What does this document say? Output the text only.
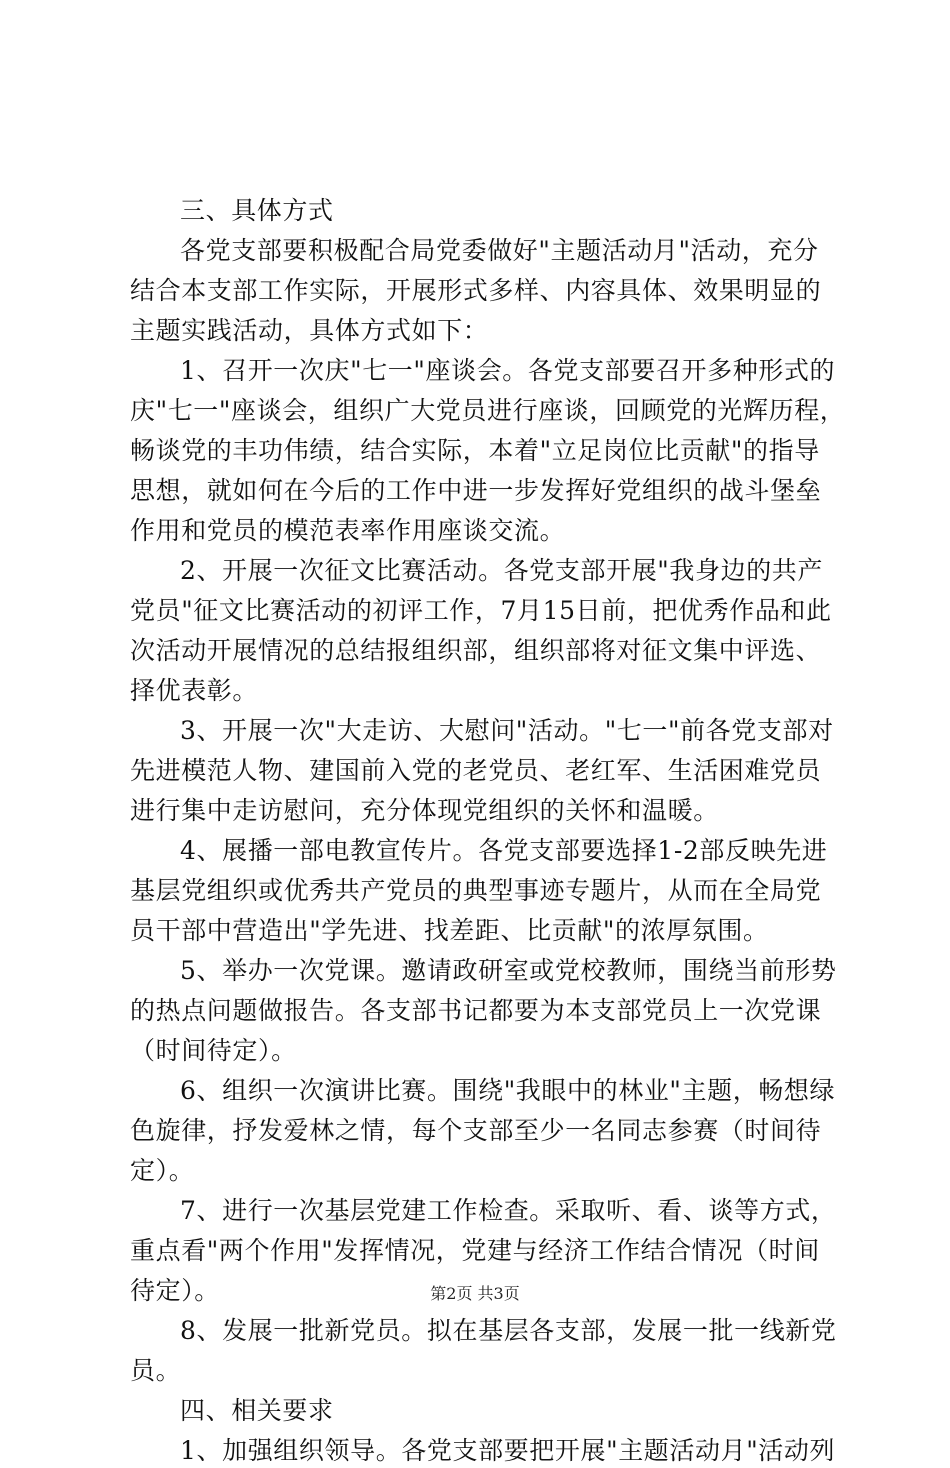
三、具体方式
各党支部要积极配合局党委做好"主题活动月"活动，充分
结合本支部工作实际，开展形式多样、内容具体、效果明显的
主题实践活动，具体方式如下：
1、召开一次庆"七一"座谈会。各党支部要召开多种形式的
庆"七一"座谈会，组织广大党员进行座谈，回顾党的光辉历程，
畅谈党的丰功伟绩，结合实际，本着"立足岗位比贡献"的指导
思想，就如何在今后的工作中进一步发挥好党组织的战斗堡垒
作用和党员的模范表率作用座谈交流。
2、开展一次征文比赛活动。各党支部开展"我身边的共产
党员"征文比赛活动的初评工作，7月15日前，把优秀作品和此
次活动开展情况的总结报组织部，组织部将对征文集中评选、
择优表彰。
3、开展一次"大走访、大慰问"活动。"七一"前各党支部对
先进模范人物、建国前入党的老党员、老红军、生活困难党员
进行集中走访慰问，充分体现党组织的关怀和温暖。
4、展播一部电教宣传片。各党支部要选择1-2部反映先进
基层党组织或优秀共产党员的典型事迹专题片，从而在全局党
员干部中营造出"学先进、找差距、比贡献"的浓厚氛围。
5、举办一次党课。邀请政研室或党校教师，围绕当前形势
的热点问题做报告。各支部书记都要为本支部党员上一次党课
（时间待定）。
6、组织一次演讲比赛。围绕"我眼中的林业"主题，畅想绿
色旋律，抒发爱林之情，每个支部至少一名同志参赛（时间待
定）。
7、进行一次基层党建工作检查。采取听、看、谈等方式，
重点看"两个作用"发挥情况，党建与经济工作结合情况（时间
待定）。
8、发展一批新党员。拟在基层各支部，发展一批一线新党
员。
四、相关要求
1、加强组织领导。各党支部要把开展"主题活动月"活动列
第2页 共3页
